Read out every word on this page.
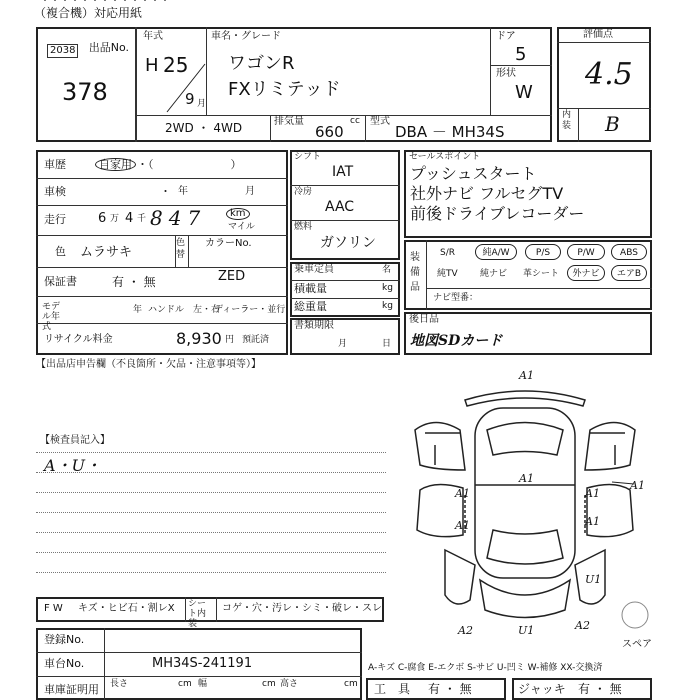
・・・・・・・・・・・・・
（複合機）対応用紙
出品No.
2038
378
年式
H 25
9 月
車名・グレード
ワゴンR
FXリミテッド
ドア
5
形状
W
2WD ・ 4WD	排気量	cc
660
型式
DBA － MH34S
評価点
4.5
内装 B
車歴	自家用 ・（　　　　　　　）
車検	・ 年	月
走行 6 万 4 千 847	km
マイル
色 ムラサキ
色替
カラーNo.
ZED
保証書	有 ・ 無
モデル年式
年 ハンドル　左・右
ディーラー・並行
リサイクル料金	8,930 円 預託済
シフト
IAT
冷房
AAC
燃料
ガソリン
乗車定員	名
積載量	kg
総重量	kg
書類期限
月	日
セールスポイント
プッシュスタート
社外ナビ フルセグTV
前後ドライブレコーダー
装備品
S/R	純A/W	P/S	P/W	ABS
純TV 純ナビ 革シート	外ナビ	エアB
ナビ型番：
後日品
地図SDカード
【出品店申告欄（不良箇所・欠品・注意事項等）】
【検査員記入】
A・U・
A1
A1
A1
A1
A1
A1
U1
A2	U1	A2
A1
スペア
F W キズ・ヒビ石・割レX シート内装
コゲ・穴・汚レ・シミ・破レ・スレ
登録No.
車台No.	MH34S-241191
車庫証明用 長さ	cm 幅	cm 高さ	cm
A-キズ C-腐食 E-エクボ S-サビ U-凹ミ W-補修 XX-交換済
工　具 有 ・ 無	ジャッキ 有 ・ 無
